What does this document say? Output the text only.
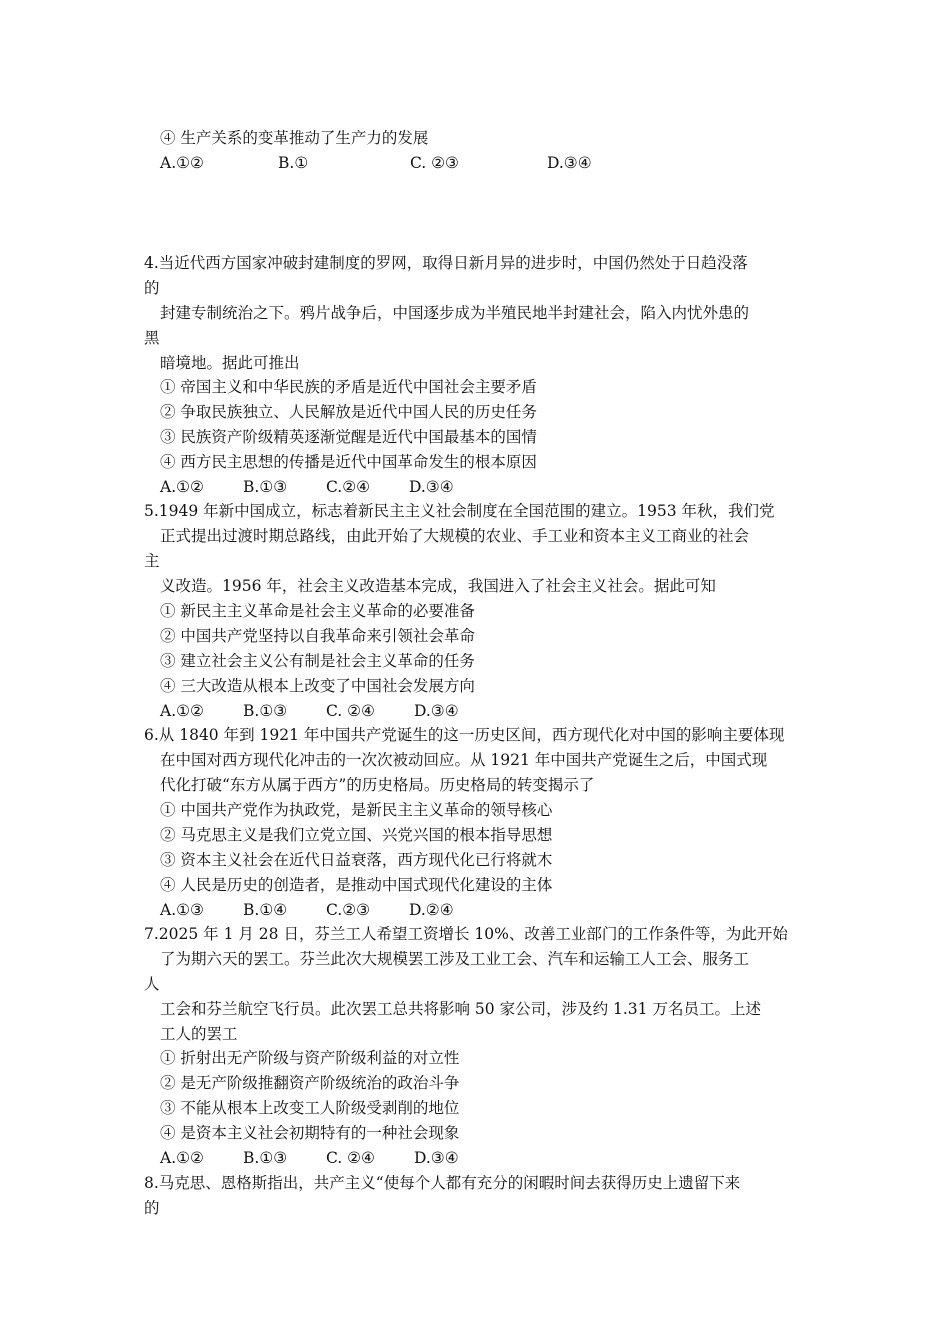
④ 生产关系的变革推动了生产力的发展
A.①②	B.①	C. ②③	D.③④
4.当近代西方国家冲破封建制度的罗网，取得日新月异的进步时，中国仍然处于日趋没落
的
封建专制统治之下。鸦片战争后，中国逐步成为半殖民地半封建社会，陷入内忧外患的
黑
暗境地。据此可推出
① 帝国主义和中华民族的矛盾是近代中国社会主要矛盾
② 争取民族独立、人民解放是近代中国人民的历史任务
③ 民族资产阶级精英逐渐觉醒是近代中国最基本的国情
④ 西方民主思想的传播是近代中国革命发生的根本原因
A.①②	B.①③	C.②④	D.③④
5.1949 年新中国成立，标志着新民主主义社会制度在全国范围的建立。1953 年秋，我们党
正式提出过渡时期总路线，由此开始了大规模的农业、手工业和资本主义工商业的社会
主
义改造。1956 年，社会主义改造基本完成，我国进入了社会主义社会。据此可知
① 新民主主义革命是社会主义革命的必要准备
② 中国共产党坚持以自我革命来引领社会革命
③ 建立社会主义公有制是社会主义革命的任务
④ 三大改造从根本上改变了中国社会发展方向
A.①②	B.①③	C. ②④	D.③④
6.从 1840 年到 1921 年中国共产党诞生的这一历史区间，西方现代化对中国的影响主要体现
在中国对西方现代化冲击的一次次被动回应。从 1921 年中国共产党诞生之后，中国式现
代化打破“东方从属于西方”的历史格局。历史格局的转变揭示了
① 中国共产党作为执政党，是新民主主义革命的领导核心
② 马克思主义是我们立党立国、兴党兴国的根本指导思想
③ 资本主义社会在近代日益衰落，西方现代化已行将就木
④ 人民是历史的创造者，是推动中国式现代化建设的主体
A.①③	B.①④	C.②③	D.②④
7.2025 年 1 月 28 日，芬兰工人希望工资增长 10%、改善工业部门的工作条件等，为此开始
了为期六天的罢工。芬兰此次大规模罢工涉及工业工会、汽车和运输工人工会、服务工
人
工会和芬兰航空飞行员。此次罢工总共将影响 50 家公司，涉及约 1.31 万名员工。上述
工人的罢工
① 折射出无产阶级与资产阶级利益的对立性
② 是无产阶级推翻资产阶级统治的政治斗争
③ 不能从根本上改变工人阶级受剥削的地位
④ 是资本主义社会初期特有的一种社会现象
A.①②	B.①③	C. ②④	D.③④
8.马克思、恩格斯指出，共产主义“使每个人都有充分的闲暇时间去获得历史上遗留下来
的
